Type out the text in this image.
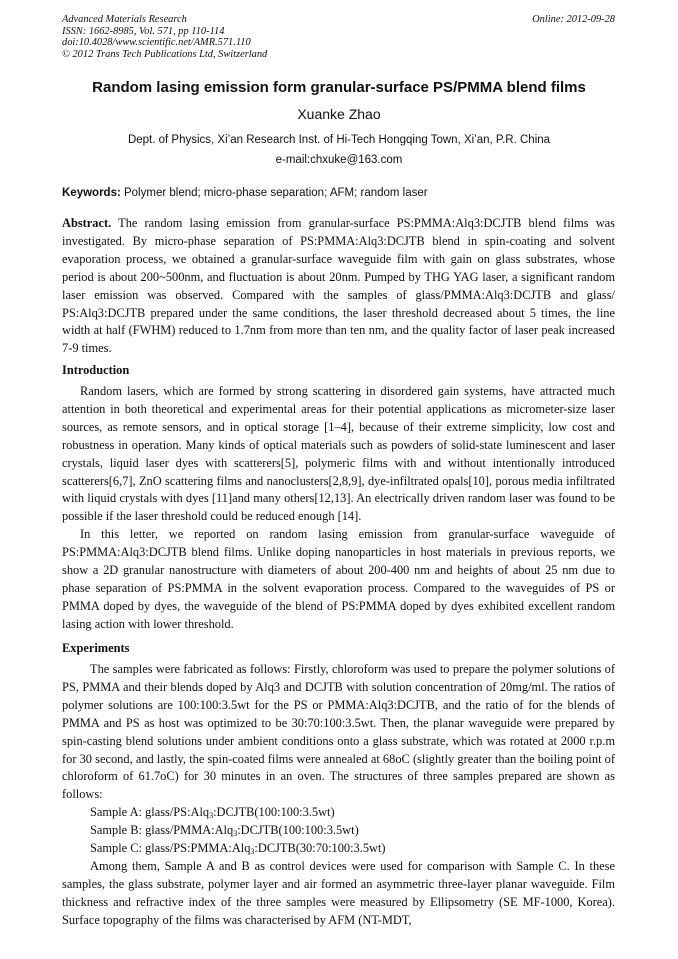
Advanced Materials Research
ISSN: 1662-8985, Vol. 571, pp 110-114
doi:10.4028/www.scientific.net/AMR.571.110
© 2012 Trans Tech Publications Ltd, Switzerland
Online: 2012-09-28
Random lasing emission form granular-surface PS/PMMA blend films
Xuanke Zhao
Dept. of Physics, Xi’an Research Inst. of Hi-Tech Hongqing Town, Xi’an, P.R. China
e-mail:chxuke@163.com
Keywords: Polymer blend; micro-phase separation; AFM; random laser

Abstract. The random lasing emission from granular-surface PS:PMMA:Alq3:DCJTB blend films was investigated. By micro-phase separation of PS:PMMA:Alq3:DCJTB blend in spin-coating and solvent evaporation process, we obtained a granular-surface waveguide film with gain on glass substrates, whose period is about 200~500nm, and fluctuation is about 20nm. Pumped by THG YAG laser, a significant random laser emission was observed. Compared with the samples of glass/PMMA:Alq3:DCJTB and glass/ PS:Alq3:DCJTB prepared under the same conditions, the laser threshold decreased about 5 times, the line width at half (FWHM) reduced to 1.7nm from more than ten nm, and the quality factor of laser peak increased 7-9 times.

Introduction

Random lasers, which are formed by strong scattering in disordered gain systems, have attracted much attention in both theoretical and experimental areas for their potential applications as micrometer-size laser sources, as remote sensors, and in optical storage [1–4], because of their extreme simplicity, low cost and robustness in operation. Many kinds of optical materials such as powders of solid-state luminescent and laser crystals, liquid laser dyes with scatterers[5], polymeric films with and without intentionally introduced scatterers[6,7], ZnO scattering films and nanoclusters[2,8,9], dye-infiltrated opals[10], porous media infiltrated with liquid crystals with dyes [11]and many others[12,13]. An electrically driven random laser was found to be possible if the laser threshold could be reduced enough [14].

In this letter, we reported on random lasing emission from granular-surface waveguide of PS:PMMA:Alq3:DCJTB blend films. Unlike doping nanoparticles in host materials in previous reports, we show a 2D granular nanostructure with diameters of about 200-400 nm and heights of about 25 nm due to phase separation of PS:PMMA in the solvent evaporation process. Compared to the waveguides of PS or PMMA doped by dyes, the waveguide of the blend of PS:PMMA doped by dyes exhibited excellent random lasing action with lower threshold.

Experiments

The samples were fabricated as follows: Firstly, chloroform was used to prepare the polymer solutions of PS, PMMA and their blends doped by Alq3 and DCJTB with solution concentration of 20mg/ml. The ratios of polymer solutions are 100:100:3.5wt for the PS or PMMA:Alq3:DCJTB, and the ratio of for the blends of PMMA and PS as host was optimized to be 30:70:100:3.5wt. Then, the planar waveguide were prepared by spin-casting blend solutions under ambient conditions onto a glass substrate, which was rotated at 2000 r.p.m for 30 second, and lastly, the spin-coated films were annealed at 68oC (slightly greater than the boiling point of chloroform of 61.7oC) for 30 minutes in an oven. The structures of three samples prepared are shown as follows:

Sample A: glass/PS:Alq$_3$:DCJTB(100:100:3.5wt)

Sample B: glass/PMMA:Alq$_3$:DCJTB(100:100:3.5wt)

Sample C: glass/PS:PMMA:Alq$_3$:DCJTB(30:70:100:3.5wt)

Among them, Sample A and B as control devices were used for comparison with Sample C. In these samples, the glass substrate, polymer layer and air formed an asymmetric three-layer planar waveguide. Film thickness and refractive index of the three samples were measured by Ellipsometry (SE MF-1000, Korea). Surface topography of the films was characterised by AFM (NT-MDT,
